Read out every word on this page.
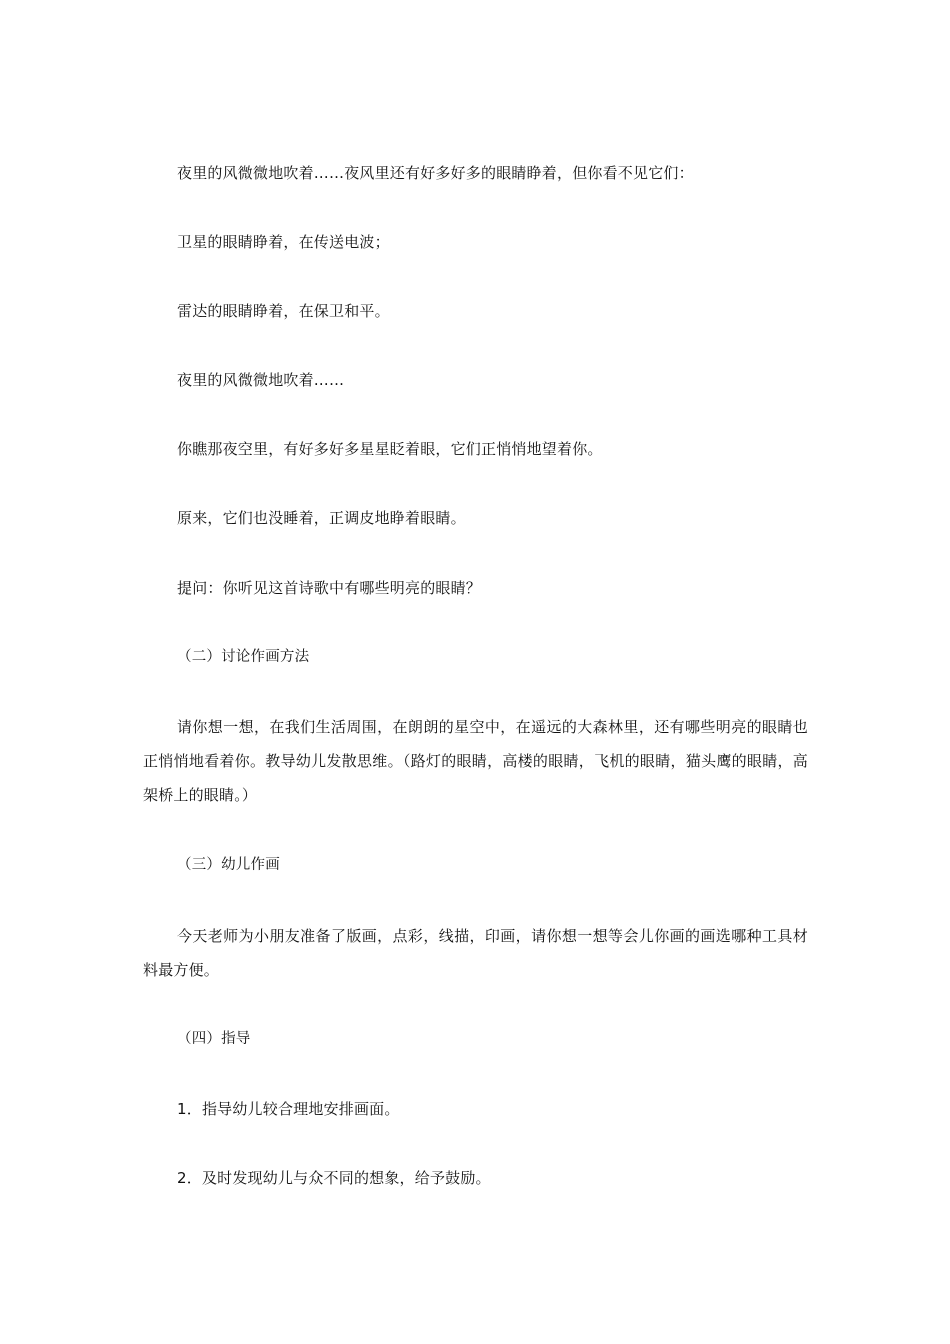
夜里的风微微地吹着……夜风里还有好多好多的眼睛睁着，但你看不见它们：

卫星的眼睛睁着，在传送电波；

雷达的眼睛睁着，在保卫和平。

夜里的风微微地吹着……

你瞧那夜空里，有好多好多星星眨着眼，它们正悄悄地望着你。

原来，它们也没睡着，正调皮地睁着眼睛。

提问：你听见这首诗歌中有哪些明亮的眼睛？

（二）讨论作画方法

请你想一想，在我们生活周围，在朗朗的星空中，在遥远的大森林里，还有哪些明亮的眼睛也正悄悄地看着你。教导幼儿发散思维。（路灯的眼睛，高楼的眼睛，飞机的眼睛，猫头鹰的眼睛，高架桥上的眼睛。）

（三）幼儿作画

今天老师为小朋友准备了版画，点彩，线描，印画，请你想一想等会儿你画的画选哪种工具材料最方便。

（四）指导

1．指导幼儿较合理地安排画面。

2．及时发现幼儿与众不同的想象，给予鼓励。
